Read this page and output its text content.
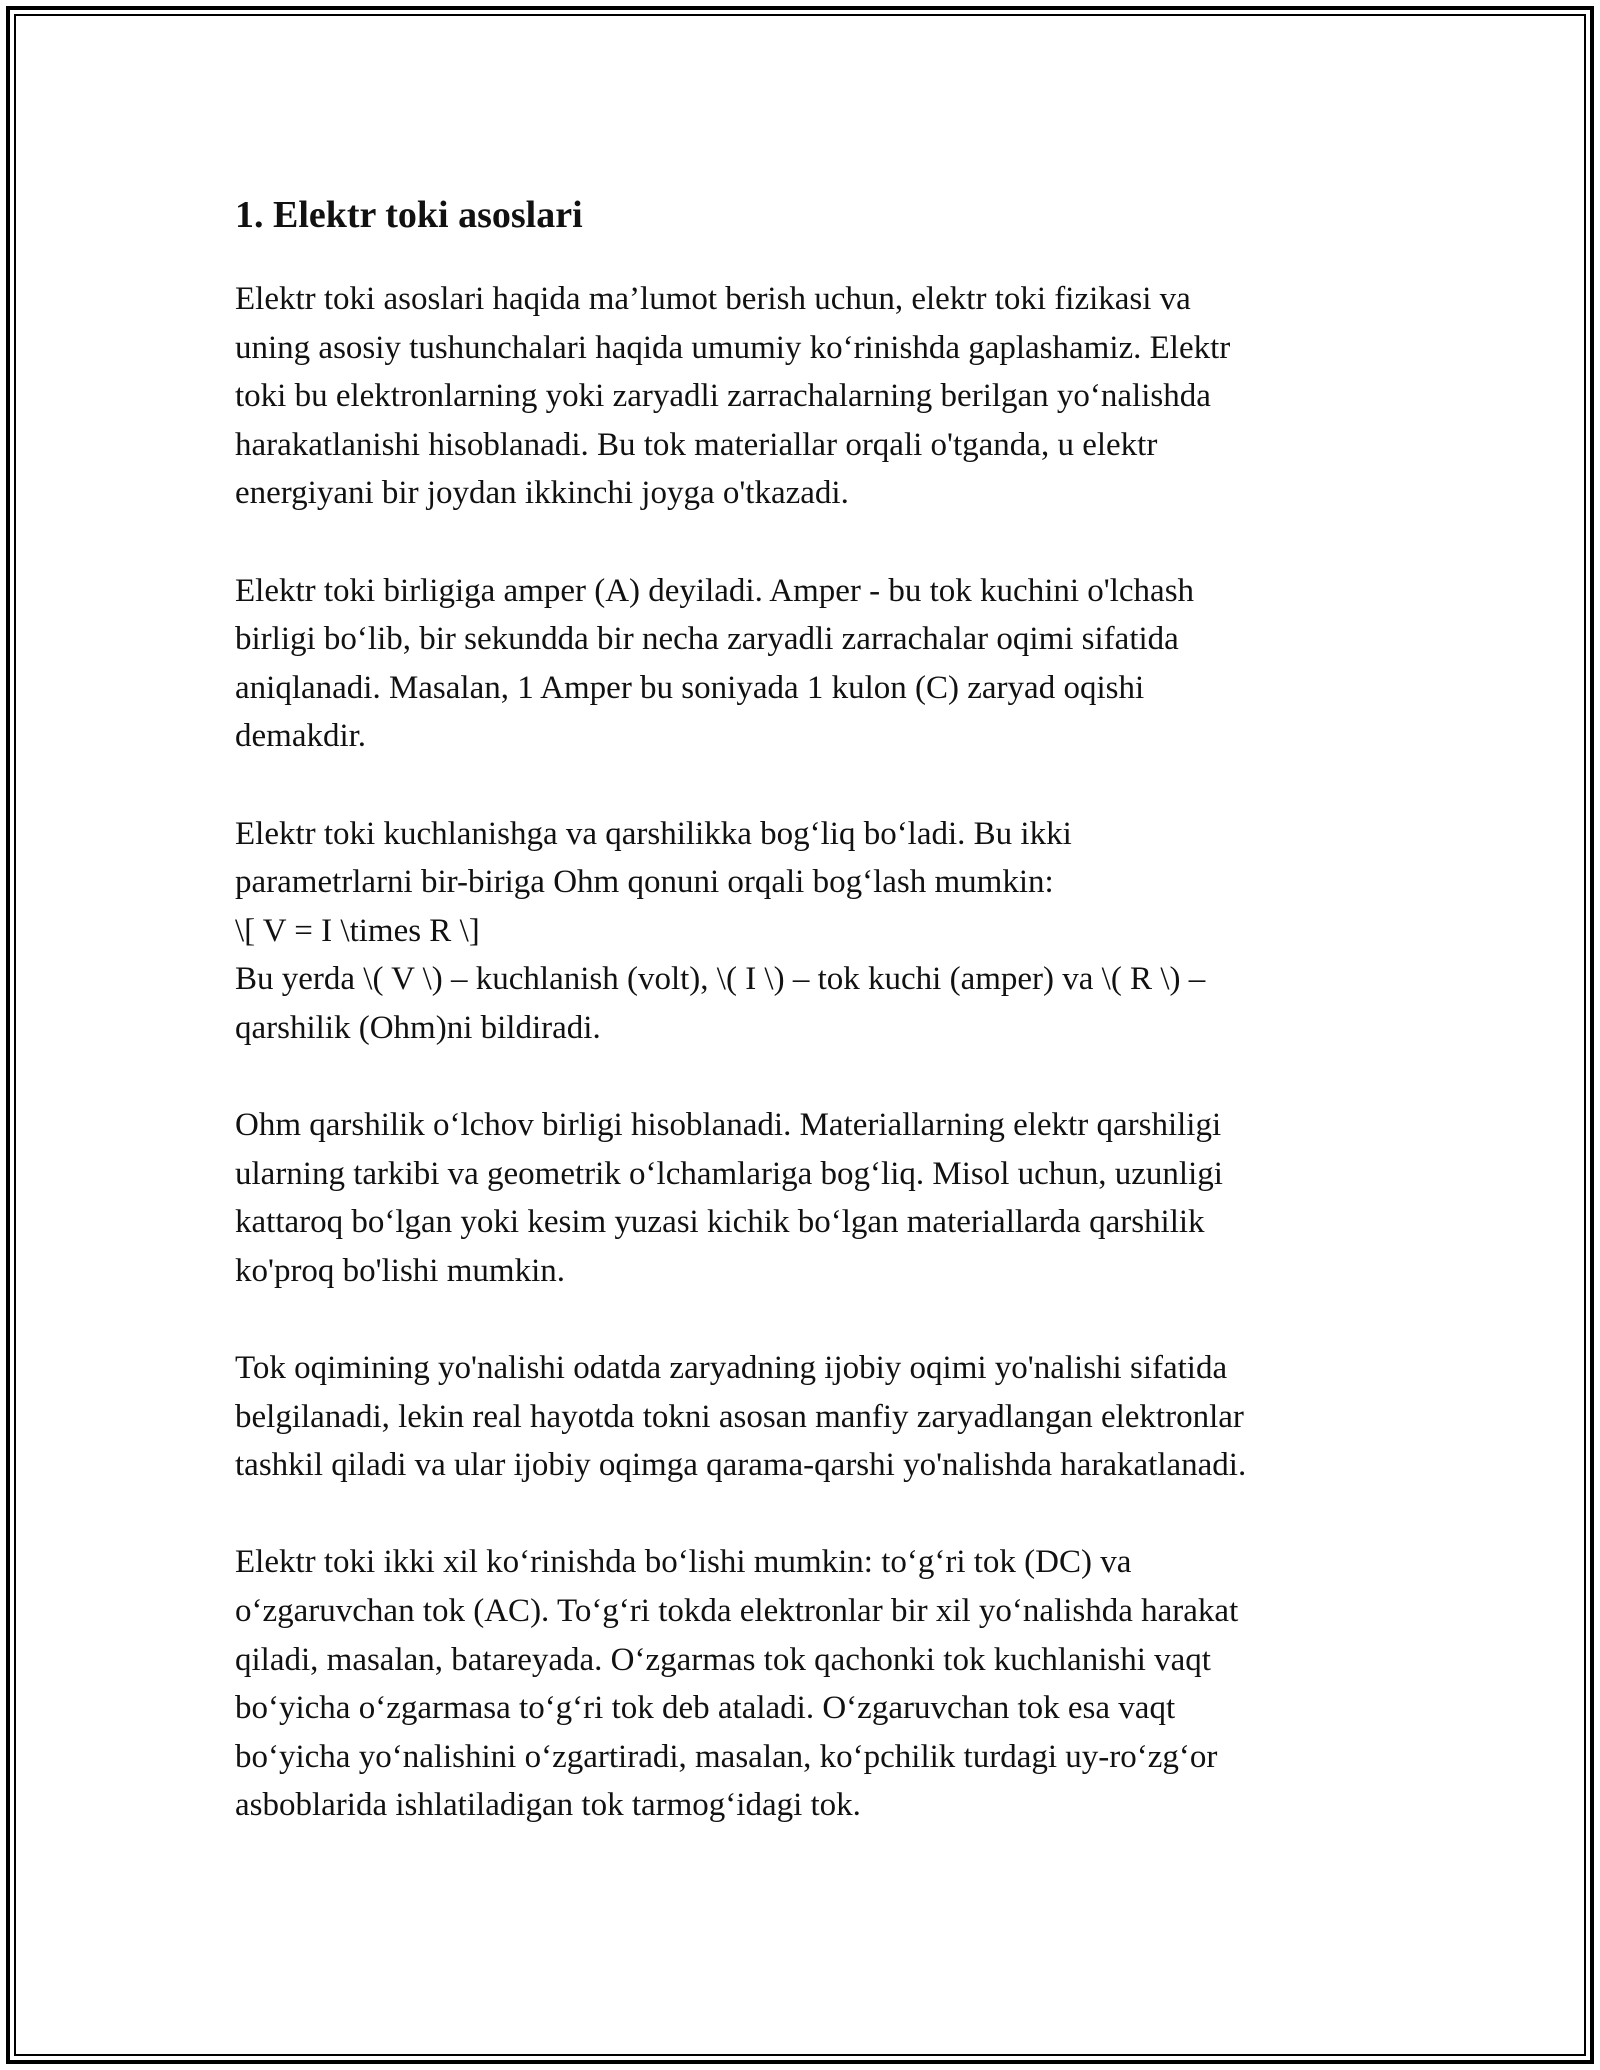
1. Elektr toki asoslari

Elektr toki asoslari haqida ma’lumot berish uchun, elektr toki fizikasi va
uning asosiy tushunchalari haqida umumiy koʻrinishda gaplashamiz. Elektr
toki bu elektronlarning yoki zaryadli zarrachalarning berilgan yoʻnalishda
harakatlanishi hisoblanadi. Bu tok materiallar orqali o'tganda, u elektr
energiyani bir joydan ikkinchi joyga o'tkazadi.

Elektr toki birligiga amper (A) deyiladi. Amper - bu tok kuchini o'lchash
birligi boʻlib, bir sekundda bir necha zaryadli zarrachalar oqimi sifatida
aniqlanadi. Masalan, 1 Amper bu soniyada 1 kulon (C) zaryad oqishi
demakdir.

Elektr toki kuchlanishga va qarshilikka bogʻliq boʻladi. Bu ikki
parametrlarni bir-biriga Ohm qonuni orqali bogʻlash mumkin:
\[ V = I \times R \]
Bu yerda \( V \) – kuchlanish (volt), \( I \) – tok kuchi (amper) va \( R \) –
qarshilik (Ohm)ni bildiradi.

Ohm qarshilik oʻlchov birligi hisoblanadi. Materiallarning elektr qarshiligi
ularning tarkibi va geometrik oʻlchamlariga bogʻliq. Misol uchun, uzunligi
kattaroq boʻlgan yoki kesim yuzasi kichik boʻlgan materiallarda qarshilik
ko'proq bo'lishi mumkin.

Tok oqimining yo'nalishi odatda zaryadning ijobiy oqimi yo'nalishi sifatida
belgilanadi, lekin real hayotda tokni asosan manfiy zaryadlangan elektronlar
tashkil qiladi va ular ijobiy oqimga qarama-qarshi yo'nalishda harakatlanadi.

Elektr toki ikki xil koʻrinishda boʻlishi mumkin: toʻgʻri tok (DC) va
oʻzgaruvchan tok (AC). Toʻgʻri tokda elektronlar bir xil yoʻnalishda harakat
qiladi, masalan, batareyada. Oʻzgarmas tok qachonki tok kuchlanishi vaqt
boʻyicha oʻzgarmasa toʻgʻri tok deb ataladi. Oʻzgaruvchan tok esa vaqt
boʻyicha yoʻnalishini oʻzgartiradi, masalan, koʻpchilik turdagi uy-roʻzgʻor
asboblarida ishlatiladigan tok tarmogʻidagi tok.
